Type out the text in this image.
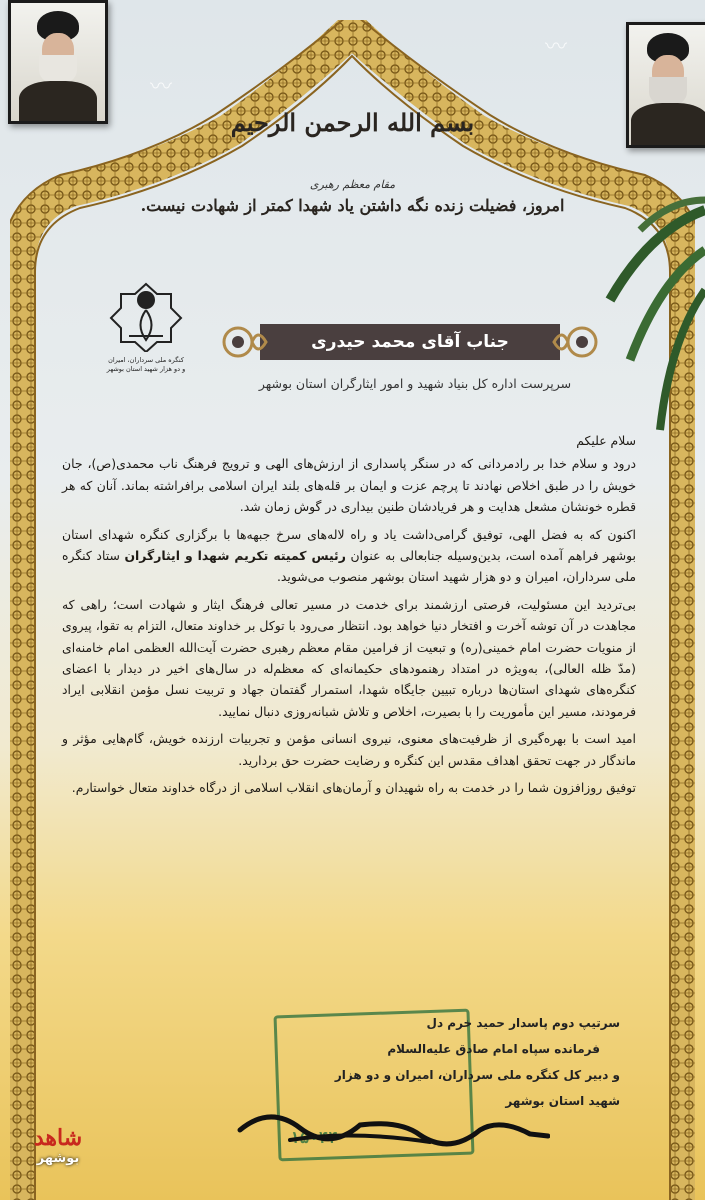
〰
〰
بسم الله الرحمن الرحیم
مقام معظم رهبری
امروز، فضیلت زنده نگه داشتن یاد شهدا کمتر از شهادت نیست.
کنگره ملی سرداران، امیران
و دو هزار شهید استان بوشهر
جناب آقای محمد حیدری
سرپرست اداره کل بنیاد شهید و امور ایثارگران استان بوشهر

سلام علیکم

درود و سلام خدا بر رادمردانی که در سنگر پاسداری از ارزش‌های الهی و ترویج فرهنگ ناب محمدی(ص)، جان خویش را در طبق اخلاص نهادند تا پرچم عزت و ایمان بر قله‌های بلند ایران اسلامی برافراشته بماند. آنان که هر قطره خونشان مشعل هدایت و هر فریادشان طنین بیداری در گوش زمان شد.

اکنون که به فضل الهی، توفیق گرامی‌داشت یاد و راه لاله‌های سرخ جبهه‌ها با برگزاری کنگره شهدای استان بوشهر فراهم آمده است، بدین‌وسیله جنابعالی به عنوان رئیس کمیته تکریم شهدا و ایثارگران ستاد کنگره ملی سرداران، امیران و دو هزار شهید استان بوشهر منصوب می‌شوید.

بی‌تردید این مسئولیت، فرصتی ارزشمند برای خدمت در مسیر تعالی فرهنگ ایثار و شهادت است؛ راهی که مجاهدت در آن توشه آخرت و افتخار دنیا خواهد بود. انتظار می‌رود با توکل بر خداوند متعال، التزام به تقوا، پیروی از منویات حضرت امام خمینی(ره) و تبعیت از فرامین مقام معظم رهبری حضرت آیت‌الله العظمی امام خامنه‌ای (مدّ ظله العالی)، به‌ویژه در امتداد رهنمودهای حکیمانه‌ای که معظم‌له در سال‌های اخیر در دیدار با اعضای کنگره‌های شهدای استان‌ها درباره تبیین جایگاه شهدا، استمرار گفتمان جهاد و تربیت نسل مؤمن انقلابی ایراد فرمودند، مسیر این مأموریت را با بصیرت، اخلاص و تلاش شبانه‌روزی دنبال نمایید.

امید است با بهره‌گیری از ظرفیت‌های معنوی، نیروی انسانی مؤمن و تجربیات ارزنده خویش، گام‌هایی مؤثر و ماندگار در جهت تحقق اهداف مقدس این کنگره و رضایت حضرت حق بردارید.

توفیق روزافزون شما را در خدمت به راه شهیدان و آرمان‌های انقلاب اسلامی از درگاه خداوند متعال خواستارم.

۱۵۰۴۴
سرتیپ دوم پاسدار حمید خرم دل
فرمانده سپاه امام صادق علیه‌السلام
و دبیر کل کنگره ملی سرداران، امیران و دو هزار شهید استان بوشهر
شاهد
بوشهر
